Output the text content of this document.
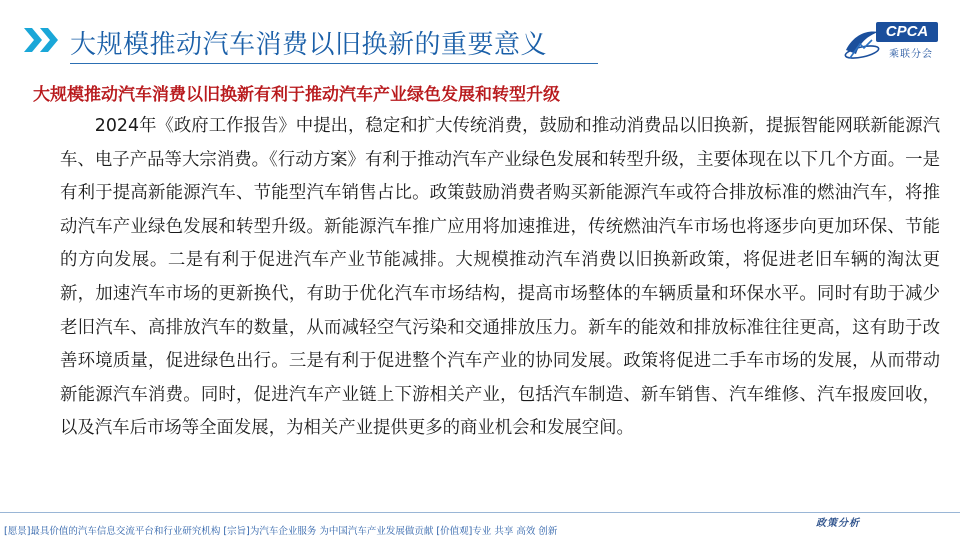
大规模推动汽车消费以旧换新的重要意义	CPCA
乘联分会
大规模推动汽车消费以旧换新有利于推动汽车产业绿色发展和转型升级

2024年《政府工作报告》中提出，稳定和扩大传统消费，鼓励和推动消费品以旧换新，提振智能网联新能源汽车、电子产品等大宗消费。《行动方案》有利于推动汽车产业绿色发展和转型升级，主要体现在以下几个方面。一是有利于提高新能源汽车、节能型汽车销售占比。政策鼓励消费者购买新能源汽车或符合排放标准的燃油汽车，将推动汽车产业绿色发展和转型升级。新能源汽车推广应用将加速推进，传统燃油汽车市场也将逐步向更加环保、节能的方向发展。二是有利于促进汽车产业节能减排。大规模推动汽车消费以旧换新政策，将促进老旧车辆的淘汰更新，加速汽车市场的更新换代，有助于优化汽车市场结构，提高市场整体的车辆质量和环保水平。同时有助于减少老旧汽车、高排放汽车的数量，从而减轻空气污染和交通排放压力。新车的能效和排放标准往往更高，这有助于改善环境质量，促进绿色出行。三是有利于促进整个汽车产业的协同发展。政策将促进二手车市场的发展，从而带动新能源汽车消费。同时，促进汽车产业链上下游相关产业，包括汽车制造、新车销售、汽车维修、汽车报废回收，以及汽车后市场等全面发展，为相关产业提供更多的商业机会和发展空间。

[愿景]最具价值的汽车信息交流平台和行业研究机构 [宗旨]为汽车企业服务 为中国汽车产业发展做贡献 [价值观]专业 共享 高效 创新
政策分析
